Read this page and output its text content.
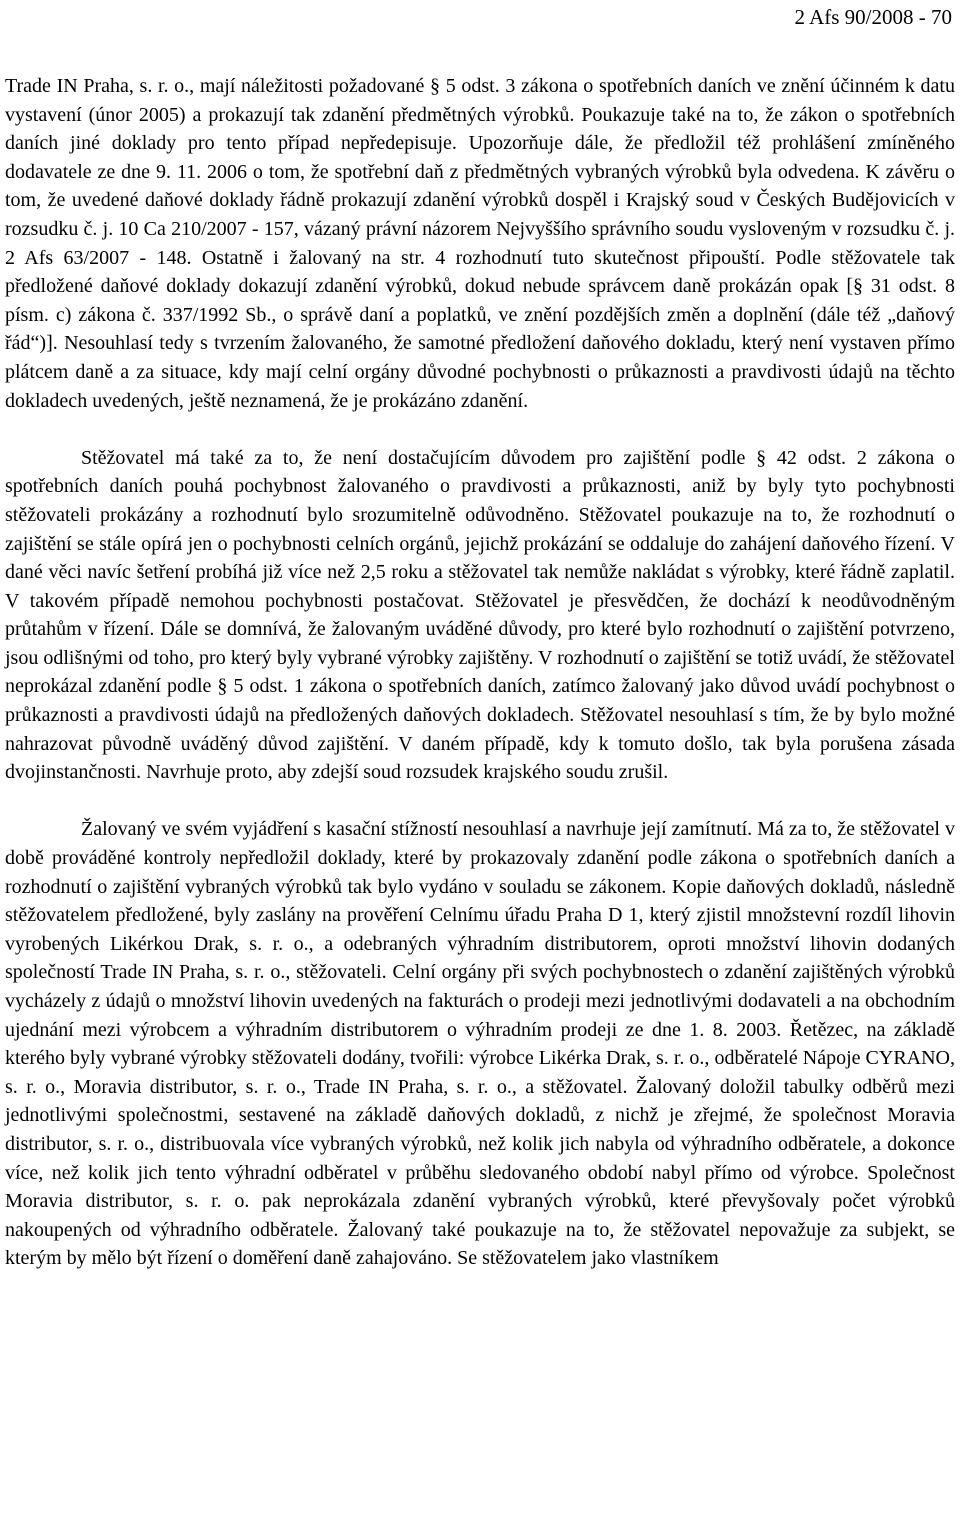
2 Afs 90/2008 - 70

Trade IN Praha, s. r. o., mají náležitosti požadované § 5 odst. 3 zákona o spotřebních daních ve znění účinném k datu vystavení (únor 2005) a prokazují tak zdanění předmětných výrobků. Poukazuje také na to, že zákon o spotřebních daních jiné doklady pro tento případ nepředepisuje. Upozorňuje dále, že předložil též prohlášení zmíněného dodavatele ze dne 9. 11. 2006 o tom, že spotřební daň z předmětných vybraných výrobků byla odvedena. K závěru o tom, že uvedené daňové doklady řádně prokazují zdanění výrobků dospěl i Krajský soud v Českých Budějovicích v rozsudku č. j. 10 Ca 210/2007 - 157, vázaný právní názorem Nejvyššího správního soudu vysloveným v rozsudku č. j. 2 Afs 63/2007 - 148. Ostatně i žalovaný na str. 4 rozhodnutí tuto skutečnost připouští. Podle stěžovatele tak předložené daňové doklady dokazují zdanění výrobků, dokud nebude správcem daně prokázán opak [§ 31 odst. 8 písm. c) zákona č. 337/1992 Sb., o správě daní a poplatků, ve znění pozdějších změn a doplnění (dále též „daňový řád“)]. Nesouhlasí tedy s tvrzením žalovaného, že samotné předložení daňového dokladu, který není vystaven přímo plátcem daně a za situace, kdy mají celní orgány důvodné pochybnosti o průkaznosti a pravdivosti údajů na těchto dokladech uvedených, ještě neznamená, že je prokázáno zdanění.

Stěžovatel má také za to, že není dostačujícím důvodem pro zajištění podle § 42 odst. 2 zákona o spotřebních daních pouhá pochybnost žalovaného o pravdivosti a průkaznosti, aniž by byly tyto pochybnosti stěžovateli prokázány a rozhodnutí bylo srozumitelně odůvodněno. Stěžovatel poukazuje na to, že rozhodnutí o zajištění se stále opírá jen o pochybnosti celních orgánů, jejichž prokázání se oddaluje do zahájení daňového řízení. V dané věci navíc šetření probíhá již více než 2,5 roku a stěžovatel tak nemůže nakládat s výrobky, které řádně zaplatil. V takovém případě nemohou pochybnosti postačovat. Stěžovatel je přesvědčen, že dochází k neodůvodněným průtahům v řízení. Dále se domnívá, že žalovaným uváděné důvody, pro které bylo rozhodnutí o zajištění potvrzeno, jsou odlišnými od toho, pro který byly vybrané výrobky zajištěny. V rozhodnutí o zajištění se totiž uvádí, že stěžovatel neprokázal zdanění podle § 5 odst. 1 zákona o spotřebních daních, zatímco žalovaný jako důvod uvádí pochybnost o průkaznosti a pravdivosti údajů na předložených daňových dokladech. Stěžovatel nesouhlasí s tím, že by bylo možné nahrazovat původně uváděný důvod zajištění. V daném případě, kdy k tomuto došlo, tak byla porušena zásada dvojinstančnosti. Navrhuje proto, aby zdejší soud rozsudek krajského soudu zrušil.

Žalovaný ve svém vyjádření s kasační stížností nesouhlasí a navrhuje její zamítnutí. Má za to, že stěžovatel v době prováděné kontroly nepředložil doklady, které by prokazovaly zdanění podle zákona o spotřebních daních a rozhodnutí o zajištění vybraných výrobků tak bylo vydáno v souladu se zákonem. Kopie daňových dokladů, následně stěžovatelem předložené, byly zaslány na prověření Celnímu úřadu Praha D 1, který zjistil množstevní rozdíl lihovin vyrobených Likérkou Drak, s. r. o., a odebraných výhradním distributorem, oproti množství lihovin dodaných společností Trade IN Praha, s. r. o., stěžovateli. Celní orgány při svých pochybnostech o zdanění zajištěných výrobků vycházely z údajů o množství lihovin uvedených na fakturách o prodeji mezi jednotlivými dodavateli a na obchodním ujednání mezi výrobcem a výhradním distributorem o výhradním prodeji ze dne 1. 8. 2003. Řetězec, na základě kterého byly vybrané výrobky stěžovateli dodány, tvořili: výrobce Likérka Drak, s. r. o., odběratelé Nápoje CYRANO, s. r. o., Moravia distributor, s. r. o., Trade IN Praha, s. r. o., a stěžovatel. Žalovaný doložil tabulky odběrů mezi jednotlivými společnostmi, sestavené na základě daňových dokladů, z nichž je zřejmé, že společnost Moravia distributor, s. r. o., distribuovala více vybraných výrobků, než kolik jich nabyla od výhradního odběratele, a dokonce více, než kolik jich tento výhradní odběratel v průběhu sledovaného období nabyl přímo od výrobce. Společnost Moravia distributor, s. r. o. pak neprokázala zdanění vybraných výrobků, které převyšovaly počet výrobků nakoupených od výhradního odběratele. Žalovaný také poukazuje na to, že stěžovatel nepovažuje za subjekt, se kterým by mělo být řízení o doměření daně zahajováno. Se stěžovatelem jako vlastníkem
